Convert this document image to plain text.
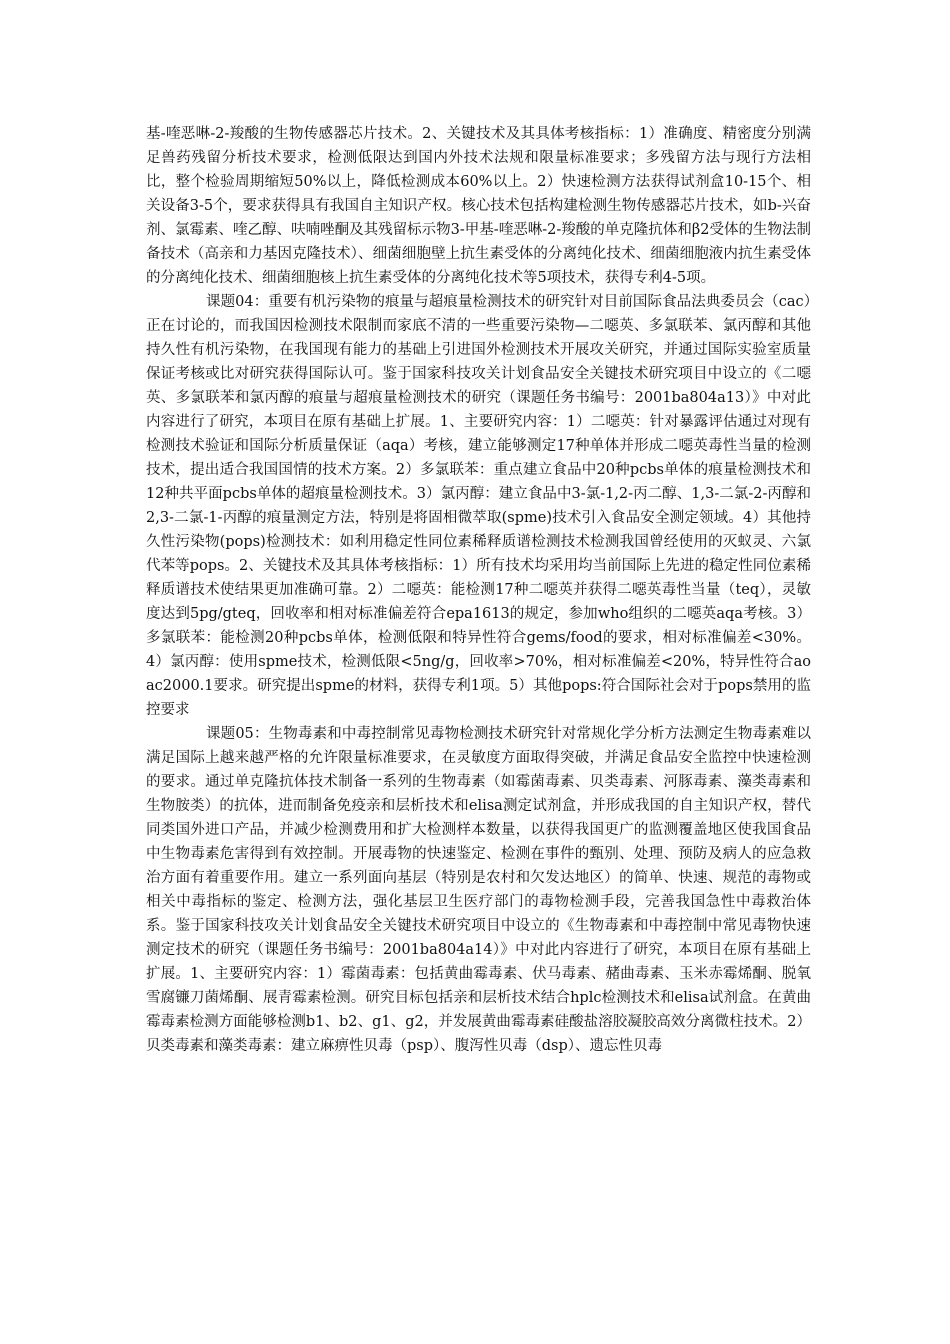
基-喹恶啉-2-羧酸的生物传感器芯片技术。2、关键技术及其具体考核指标：1）准确度、精密度分别满足兽药残留分析技术要求，检测低限达到国内外技术法规和限量标准要求；多残留方法与现行方法相比，整个检验周期缩短50%以上，降低检测成本60%以上。2）快速检测方法获得试剂盒10-15个、相关设备3-5个，要求获得具有我国自主知识产权。核心技术包括构建检测生物传感器芯片技术，如b-兴奋剂、氯霉素、喹乙醇、呋喃唑酮及其残留标示物3-甲基-喹恶啉-2-羧酸的单克隆抗体和β2受体的生物法制备技术（高亲和力基因克隆技术）、细菌细胞壁上抗生素受体的分离纯化技术、细菌细胞液内抗生素受体的分离纯化技术、细菌细胞核上抗生素受体的分离纯化技术等5项技术，获得专利4-5项。

课题04：重要有机污染物的痕量与超痕量检测技术的研究针对目前国际食品法典委员会（cac）正在讨论的，而我国因检测技术限制而家底不清的一些重要污染物—二噁英、多氯联苯、氯丙醇和其他持久性有机污染物，在我国现有能力的基础上引进国外检测技术开展攻关研究，并通过国际实验室质量保证考核或比对研究获得国际认可。鉴于国家科技攻关计划食品安全关键技术研究项目中设立的《二噁英、多氯联苯和氯丙醇的痕量与超痕量检测技术的研究（课题任务书编号：2001ba804a13）》中对此内容进行了研究，本项目在原有基础上扩展。1、主要研究内容：1）二噁英：针对暴露评估通过对现有检测技术验证和国际分析质量保证（aqa）考核，建立能够测定17种单体并形成二噁英毒性当量的检测技术，提出适合我国国情的技术方案。2）多氯联苯：重点建立食品中20种pcbs单体的痕量检测技术和12种共平面pcbs单体的超痕量检测技术。3）氯丙醇：建立食品中3-氯-1,2-丙二醇、1,3-二氯-2-丙醇和2,3-二氯-1-丙醇的痕量测定方法，特别是将固相微萃取(spme)技术引入食品安全测定领域。4）其他持久性污染物(pops)检测技术：如利用稳定性同位素稀释质谱检测技术检测我国曾经使用的灭蚁灵、六氯代苯等pops。2、关键技术及其具体考核指标：1）所有技术均采用均当前国际上先进的稳定性同位素稀释质谱技术使结果更加准确可靠。2）二噁英：能检测17种二噁英并获得二噁英毒性当量（teq），灵敏度达到5pg/gteq，回收率和相对标准偏差符合epa1613的规定，参加who组织的二噁英aqa考核。3）多氯联苯：能检测20种pcbs单体，检测低限和特异性符合gems/food的要求，相对标准偏差<30%。4）氯丙醇：使用spme技术，检测低限<5ng/g，回收率>70%，相对标准偏差<20%，特异性符合aoac2000.1要求。研究提出spme的材料，获得专利1项。5）其他pops:符合国际社会对于pops禁用的监控要求

课题05：生物毒素和中毒控制常见毒物检测技术研究针对常规化学分析方法测定生物毒素难以满足国际上越来越严格的允许限量标准要求，在灵敏度方面取得突破，并满足食品安全监控中快速检测的要求。通过单克隆抗体技术制备一系列的生物毒素（如霉菌毒素、贝类毒素、河豚毒素、藻类毒素和生物胺类）的抗体，进而制备免疫亲和层析技术和elisa测定试剂盒，并形成我国的自主知识产权，替代同类国外进口产品，并减少检测费用和扩大检测样本数量，以获得我国更广的监测覆盖地区使我国食品中生物毒素危害得到有效控制。开展毒物的快速鉴定、检测在事件的甄别、处理、预防及病人的应急救治方面有着重要作用。建立一系列面向基层（特别是农村和欠发达地区）的简单、快速、规范的毒物或相关中毒指标的鉴定、检测方法，强化基层卫生医疗部门的毒物检测手段，完善我国急性中毒救治体系。鉴于国家科技攻关计划食品安全关键技术研究项目中设立的《生物毒素和中毒控制中常见毒物快速测定技术的研究（课题任务书编号：2001ba804a14）》中对此内容进行了研究，本项目在原有基础上扩展。1、主要研究内容：1）霉菌毒素：包括黄曲霉毒素、伏马毒素、赭曲毒素、玉米赤霉烯酮、脱氧雪腐镰刀菌烯酮、展青霉素检测。研究目标包括亲和层析技术结合hplc检测技术和elisa试剂盒。在黄曲霉毒素检测方面能够检测b1、b2、g1、g2，并发展黄曲霉毒素硅酸盐溶胶凝胶高效分离微柱技术。2）贝类毒素和藻类毒素：建立麻痹性贝毒（psp）、腹泻性贝毒（dsp）、遗忘性贝毒
